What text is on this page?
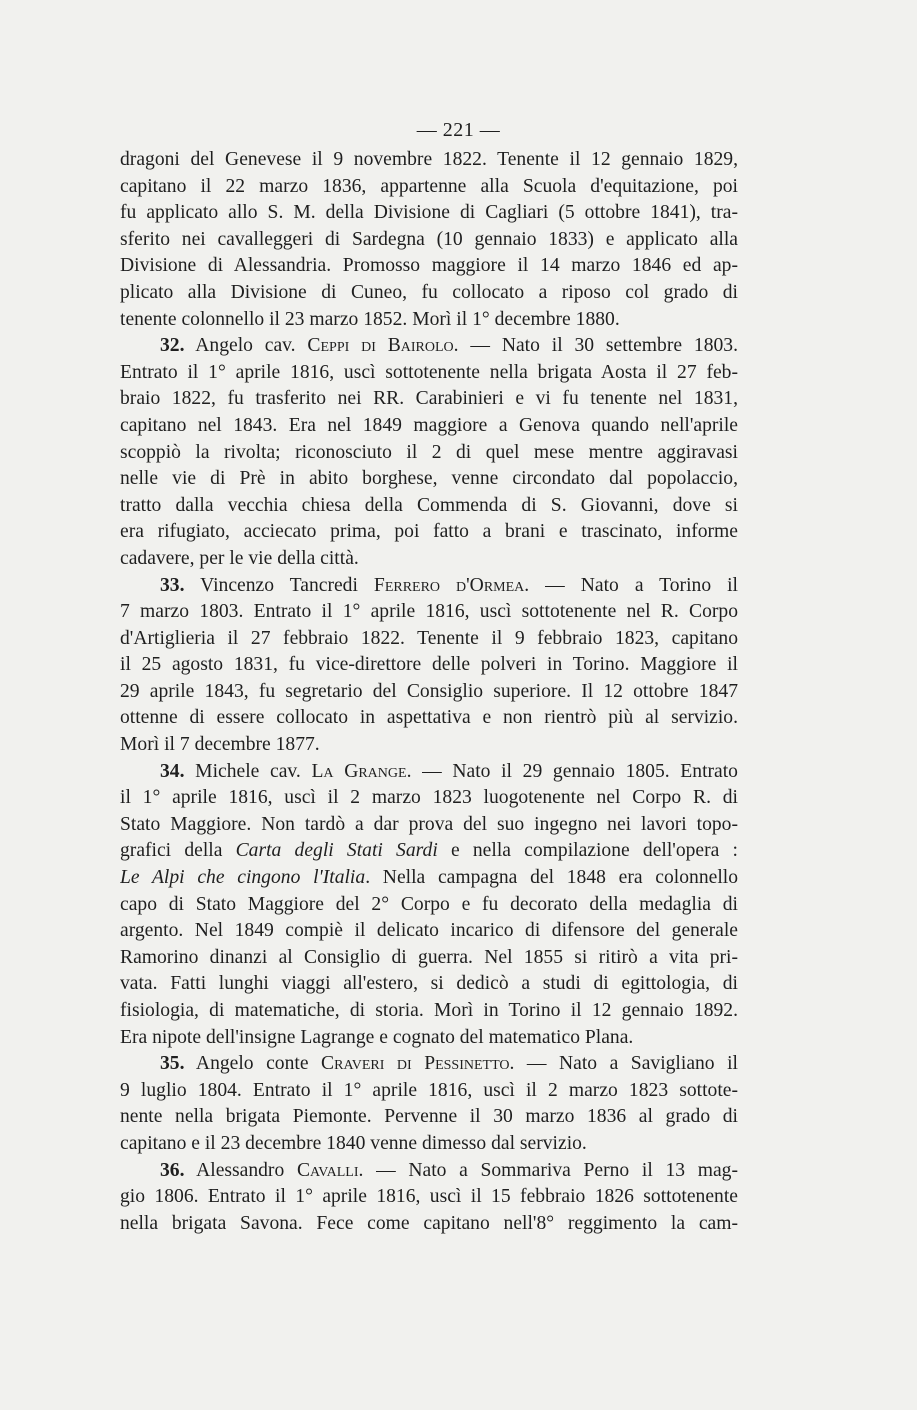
— 221 —
dragoni del Genevese il 9 novembre 1822. Tenente il 12 gennaio 1829,
capitano il 22 marzo 1836, appartenne alla Scuola d'equitazione, poi
fu applicato allo S. M. della Divisione di Cagliari (5 ottobre 1841), tra-
sferito nei cavalleggeri di Sardegna (10 gennaio 1833) e applicato alla
Divisione di Alessandria. Promosso maggiore il 14 marzo 1846 ed ap-
plicato alla Divisione di Cuneo, fu collocato a riposo col grado di
tenente colonnello il 23 marzo 1852. Morì il 1° decembre 1880.
32. Angelo cav. Ceppi di Bairolo. — Nato il 30 settembre 1803.
Entrato il 1° aprile 1816, uscì sottotenente nella brigata Aosta il 27 feb-
braio 1822, fu trasferito nei RR. Carabinieri e vi fu tenente nel 1831,
capitano nel 1843. Era nel 1849 maggiore a Genova quando nell'aprile
scoppiò la rivolta; riconosciuto il 2 di quel mese mentre aggiravasi
nelle vie di Prè in abito borghese, venne circondato dal popolaccio,
tratto dalla vecchia chiesa della Commenda di S. Giovanni, dove si
era rifugiato, acciecato prima, poi fatto a brani e trascinato, informe
cadavere, per le vie della città.
33. Vincenzo Tancredi Ferrero d'Ormea. — Nato a Torino il
7 marzo 1803. Entrato il 1° aprile 1816, uscì sottotenente nel R. Corpo
d'Artiglieria il 27 febbraio 1822. Tenente il 9 febbraio 1823, capitano
il 25 agosto 1831, fu vice-direttore delle polveri in Torino. Maggiore il
29 aprile 1843, fu segretario del Consiglio superiore. Il 12 ottobre 1847
ottenne di essere collocato in aspettativa e non rientrò più al servizio.
Morì il 7 decembre 1877.
34. Michele cav. La Grange. — Nato il 29 gennaio 1805. Entrato
il 1° aprile 1816, uscì il 2 marzo 1823 luogotenente nel Corpo R. di
Stato Maggiore. Non tardò a dar prova del suo ingegno nei lavori topo-
grafici della Carta degli Stati Sardi e nella compilazione dell'opera :
Le Alpi che cingono l'Italia. Nella campagna del 1848 era colonnello
capo di Stato Maggiore del 2° Corpo e fu decorato della medaglia di
argento. Nel 1849 compiè il delicato incarico di difensore del generale
Ramorino dinanzi al Consiglio di guerra. Nel 1855 si ritirò a vita pri-
vata. Fatti lunghi viaggi all'estero, si dedicò a studi di egittologia, di
fisiologia, di matematiche, di storia. Morì in Torino il 12 gennaio 1892.
Era nipote dell'insigne Lagrange e cognato del matematico Plana.
35. Angelo conte Craveri di Pessinetto. — Nato a Savigliano il
9 luglio 1804. Entrato il 1° aprile 1816, uscì il 2 marzo 1823 sottote-
nente nella brigata Piemonte. Pervenne il 30 marzo 1836 al grado di
capitano e il 23 decembre 1840 venne dimesso dal servizio.
36. Alessandro Cavalli. — Nato a Sommariva Perno il 13 mag-
gio 1806. Entrato il 1° aprile 1816, uscì il 15 febbraio 1826 sottotenente
nella brigata Savona. Fece come capitano nell'8° reggimento la cam-
